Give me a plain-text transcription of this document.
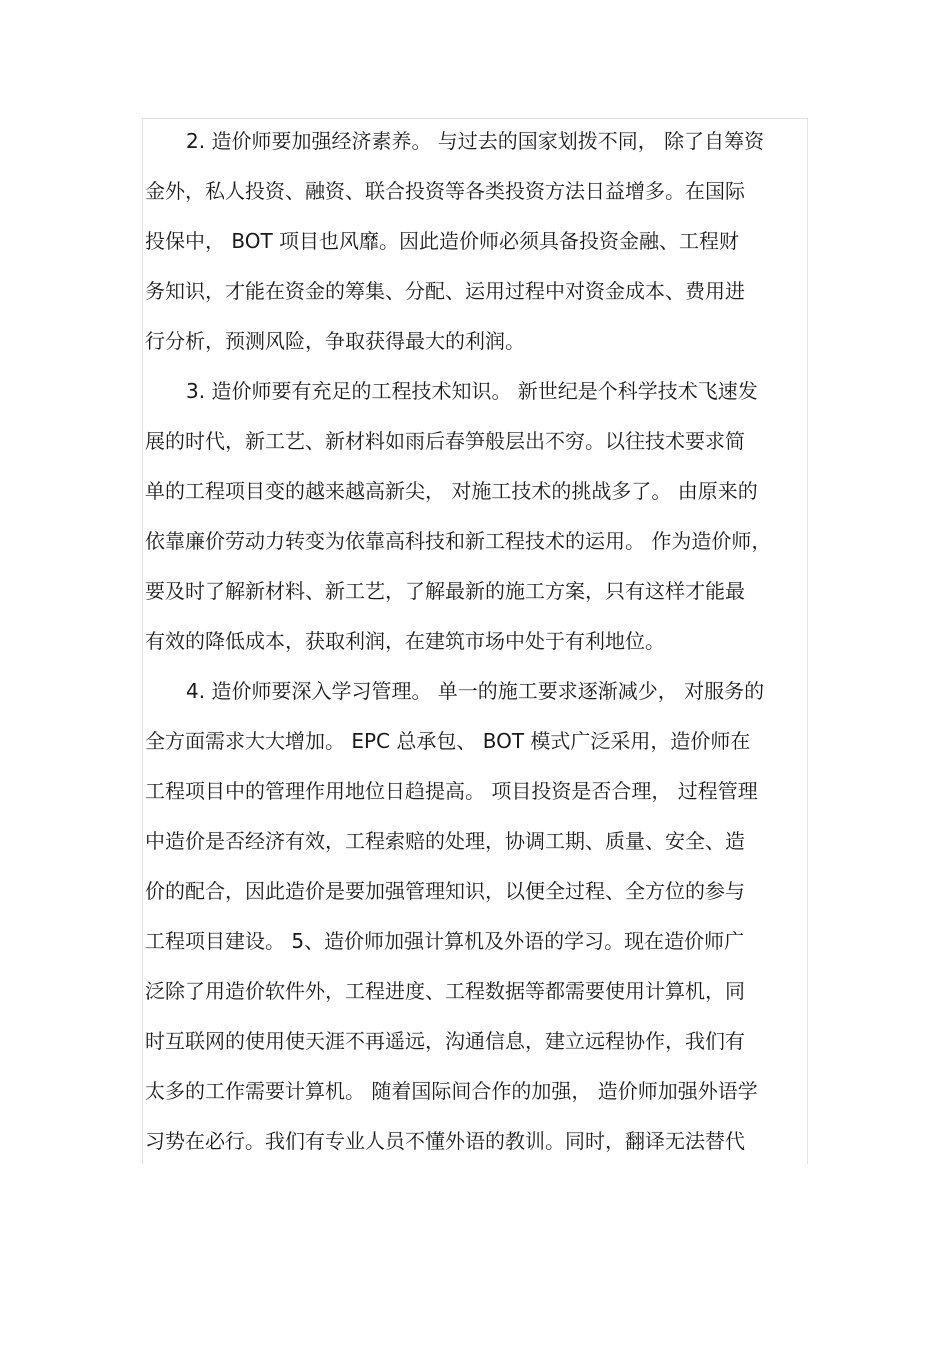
2. 造价师要加强经济素养。 与过去的国家划拨不同， 除了自筹资
金外，私人投资、融资、联合投资等各类投资方法日益增多。在国际
投保中， BOT 项目也风靡。因此造价师必须具备投资金融、工程财
务知识，才能在资金的筹集、分配、运用过程中对资金成本、费用进
行分析，预测风险，争取获得最大的利润。
3. 造价师要有充足的工程技术知识。 新世纪是个科学技术飞速发
展的时代，新工艺、新材料如雨后春笋般层出不穷。以往技术要求简
单的工程项目变的越来越高新尖， 对施工技术的挑战多了。 由原来的
依靠廉价劳动力转变为依靠高科技和新工程技术的运用。 作为造价师，
要及时了解新材料、新工艺，了解最新的施工方案，只有这样才能最
有效的降低成本，获取利润，在建筑市场中处于有利地位。
4. 造价师要深入学习管理。 单一的施工要求逐渐减少， 对服务的
全方面需求大大增加。 EPC 总承包、 BOT 模式广泛采用，造价师在
工程项目中的管理作用地位日趋提高。 项目投资是否合理， 过程管理
中造价是否经济有效，工程索赔的处理，协调工期、质量、安全、造
价的配合，因此造价是要加强管理知识，以便全过程、全方位的参与
工程项目建设。 5、造价师加强计算机及外语的学习。现在造价师广
泛除了用造价软件外，工程进度、工程数据等都需要使用计算机，同
时互联网的使用使天涯不再遥远，沟通信息，建立远程协作，我们有
太多的工作需要计算机。 随着国际间合作的加强， 造价师加强外语学
习势在必行。我们有专业人员不懂外语的教训。同时，翻译无法替代
